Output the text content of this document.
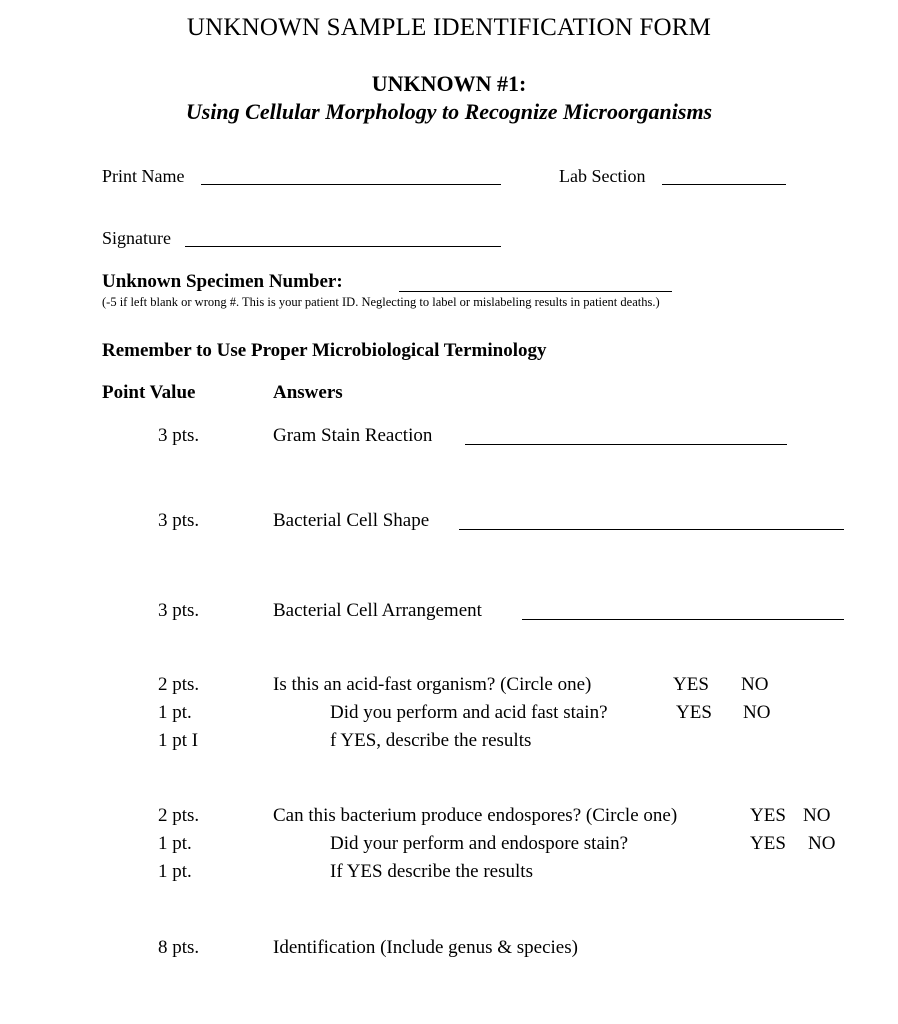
UNKNOWN SAMPLE IDENTIFICATION FORM
UNKNOWN #1:
Using Cellular Morphology to Recognize Microorganisms
Print Name	Lab Section
Signature
Unknown Specimen Number:
(-5 if left blank or wrong #. This is your patient ID. Neglecting to label or mislabeling results in patient deaths.)
Remember to Use Proper Microbiological Terminology
Point Value	Answers
3 pts.	Gram Stain Reaction
3 pts.	Bacterial Cell Shape
3 pts.	Bacterial Cell Arrangement
2 pts.	Is this an acid-fast organism? (Circle one)	YES NO
1 pt.	Did you perform and acid fast stain?	YES NO
1 pt I	f YES, describe the results
2 pts.	Can this bacterium produce endospores? (Circle one)	YES NO
1 pt.	Did your perform and endospore stain?	YES NO
1 pt.	If YES describe the results
8 pts.	Identification (Include genus & species)
